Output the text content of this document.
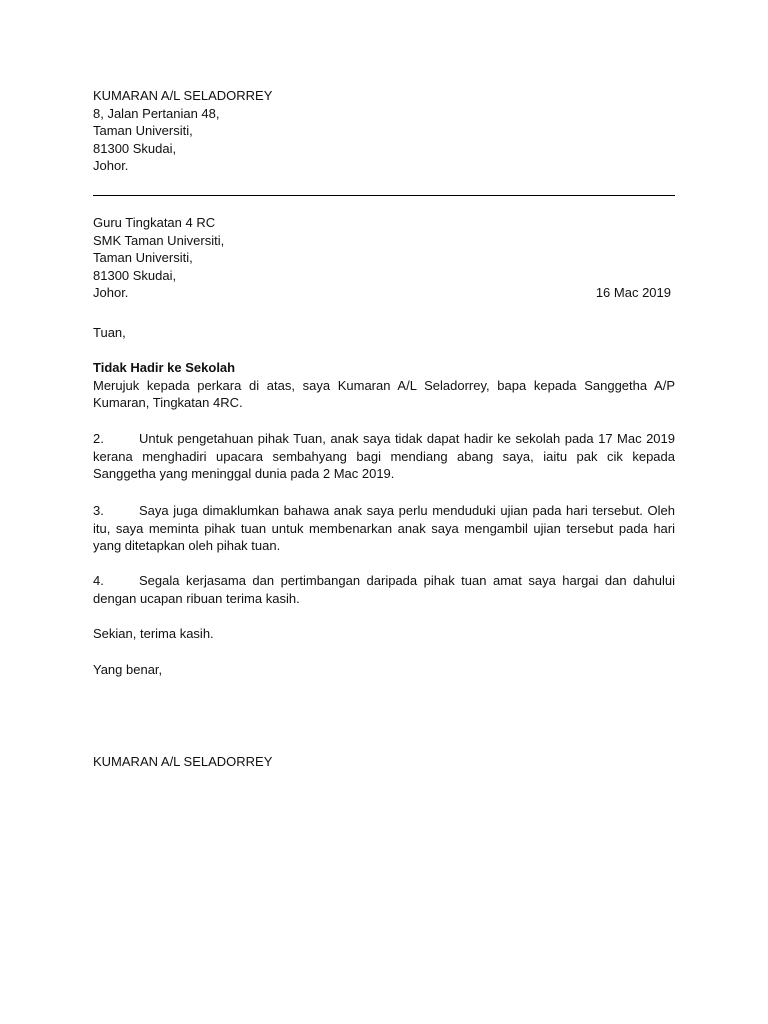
KUMARAN A/L SELADORREY
8, Jalan Pertanian 48,
Taman Universiti,
81300 Skudai,
Johor.
Guru Tingkatan 4 RC
SMK Taman Universiti,
Taman Universiti,
81300 Skudai,
Johor.	16 Mac 2019
Tuan,
Tidak Hadir ke Sekolah
Merujuk kepada perkara di atas, saya Kumaran A/L Seladorrey, bapa kepada Sanggetha A/P Kumaran, Tingkatan 4RC.
2.	Untuk pengetahuan pihak Tuan, anak saya tidak dapat hadir ke sekolah pada 17 Mac 2019 kerana menghadiri upacara sembahyang bagi mendiang abang saya, iaitu pak cik kepada Sanggetha yang meninggal dunia pada 2 Mac 2019.
3.	Saya juga dimaklumkan bahawa anak saya perlu menduduki ujian pada hari tersebut. Oleh itu, saya meminta pihak tuan untuk membenarkan anak saya mengambil ujian tersebut pada hari yang ditetapkan oleh pihak tuan.
4.	Segala kerjasama dan pertimbangan daripada pihak tuan amat saya hargai dan dahului dengan ucapan ribuan terima kasih.
Sekian, terima kasih.
Yang benar,
KUMARAN A/L SELADORREY
